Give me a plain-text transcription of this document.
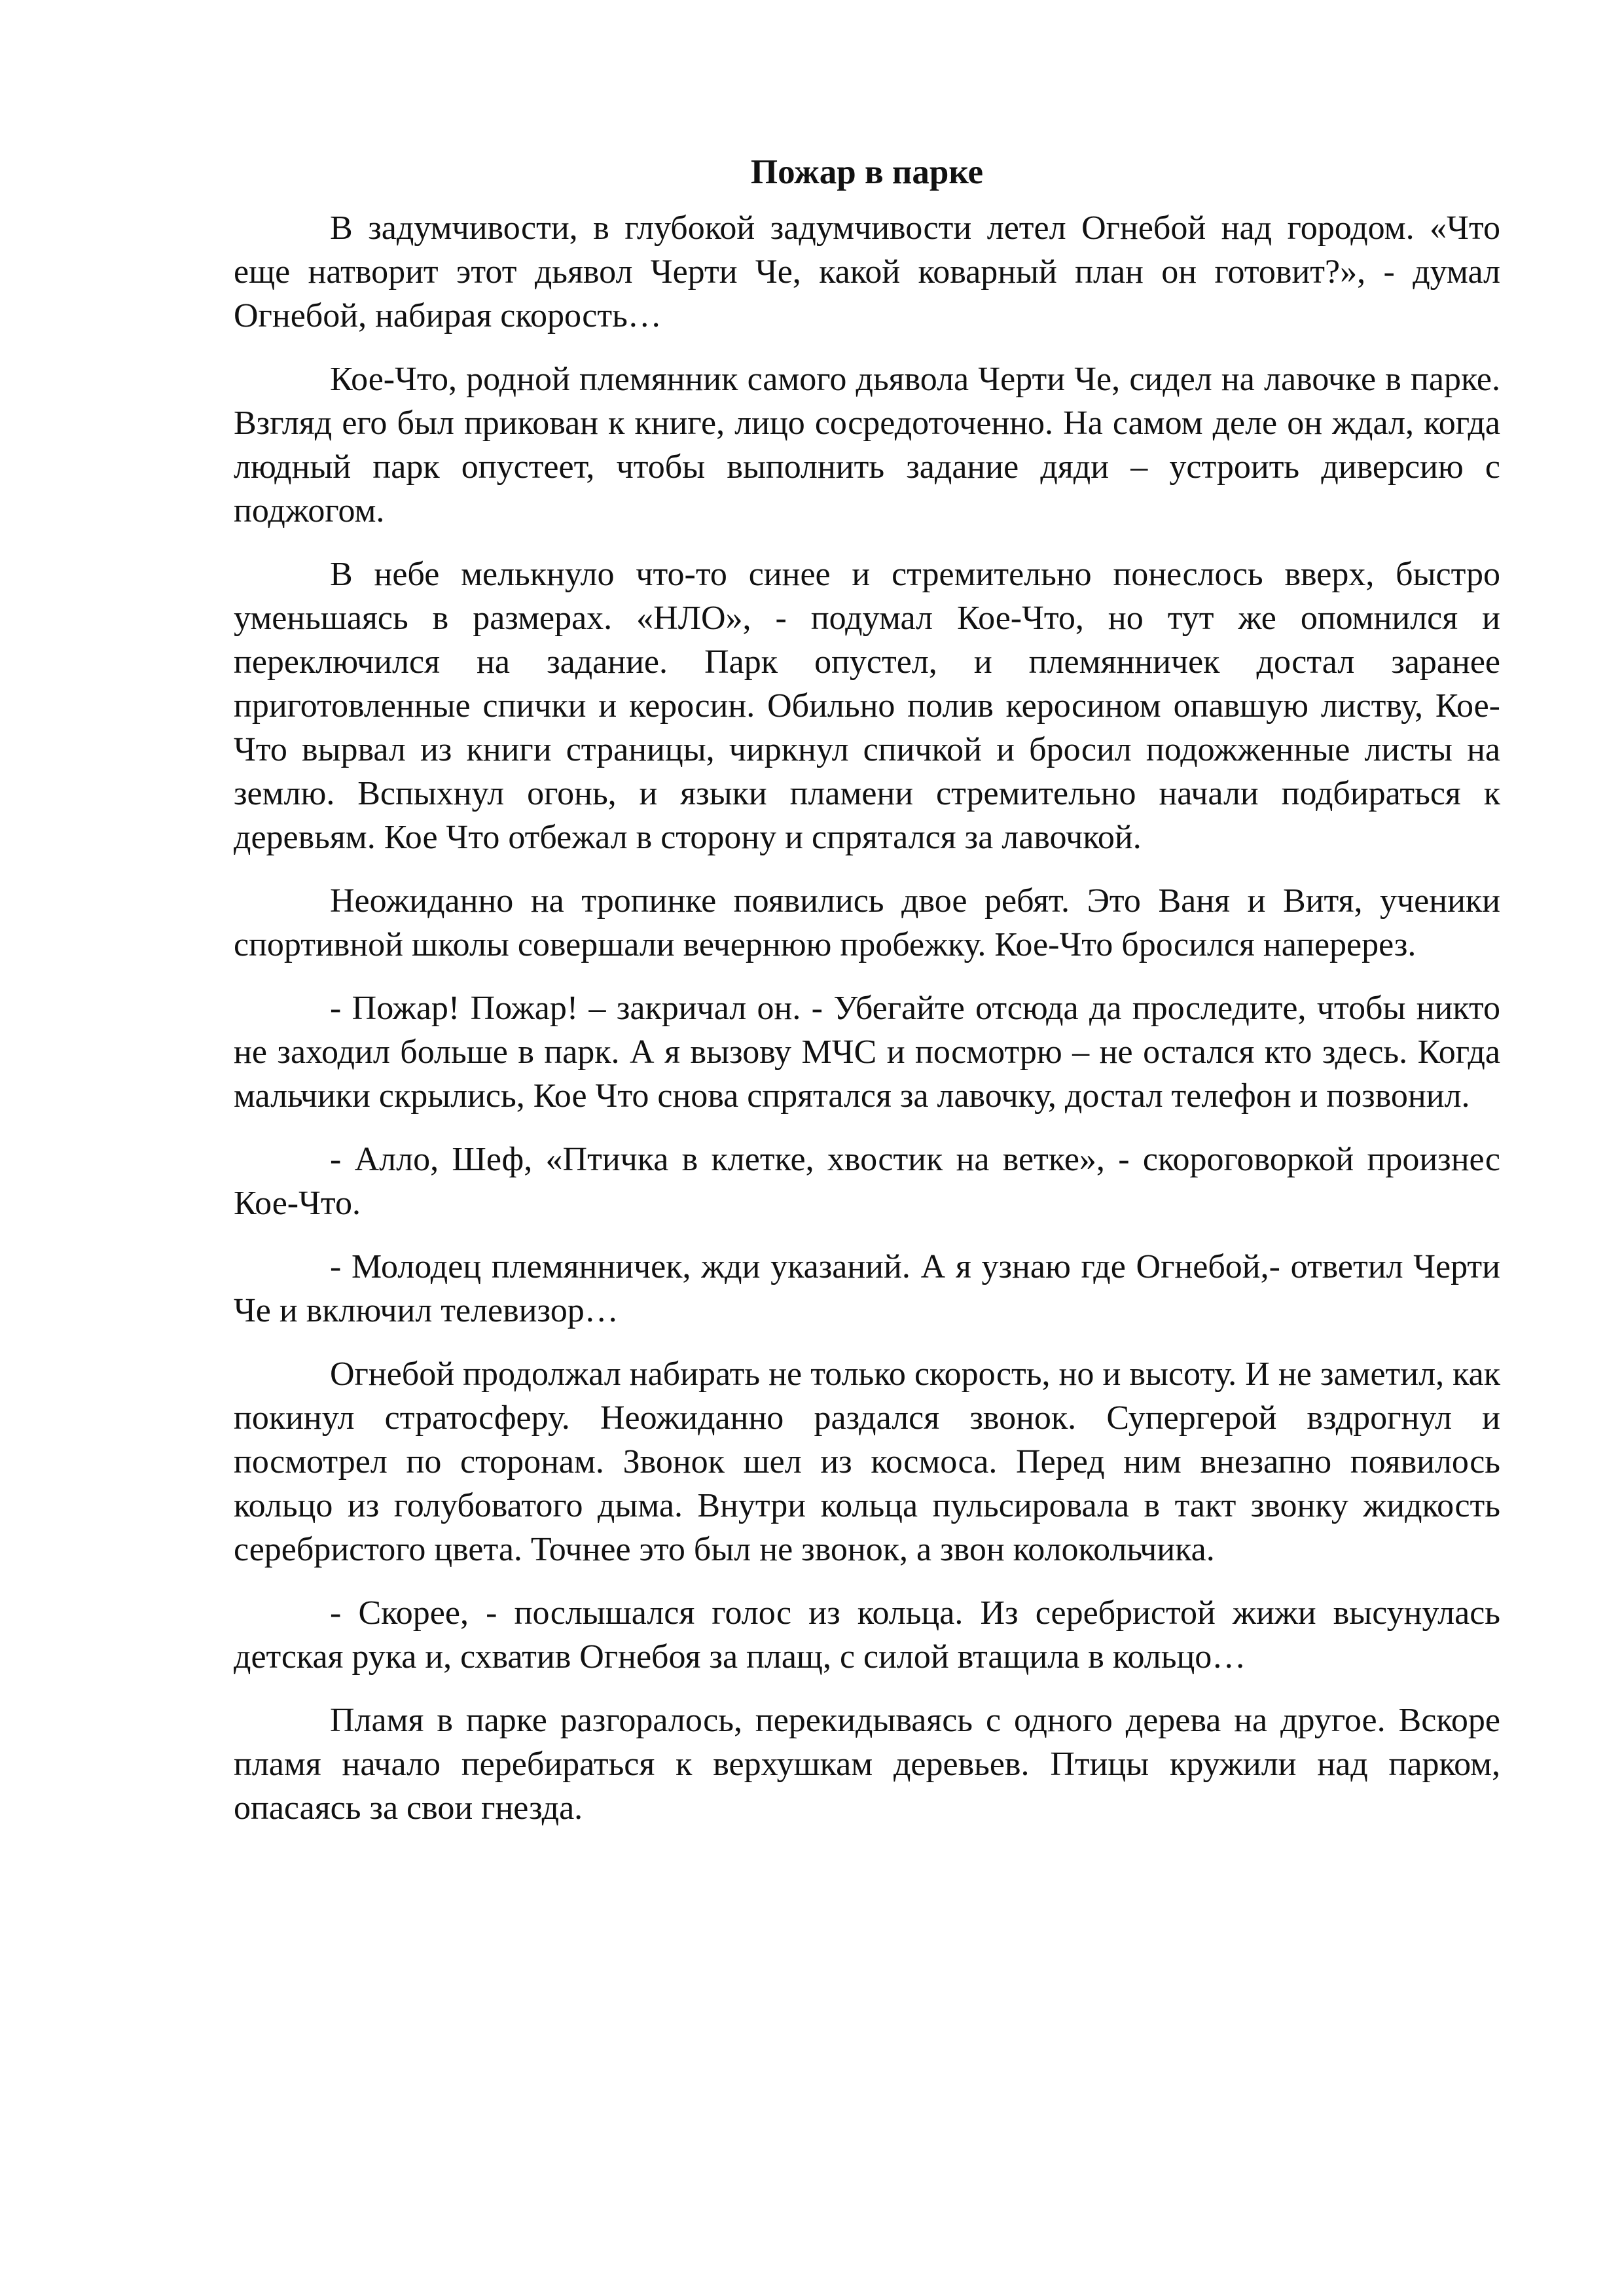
Пожар в парке

В задумчивости, в глубокой задумчивости летел Огнебой над городом. «Что еще натворит этот дьявол Черти Че, какой коварный план он готовит?», - думал Огнебой, набирая скорость…

Кое-Что, родной племянник самого дьявола Черти Че, сидел на лавочке в парке. Взгляд его был прикован к книге, лицо сосредоточенно. На самом деле он ждал, когда людный парк опустеет, чтобы выполнить задание дяди – устроить диверсию с поджогом.

В небе мелькнуло что-то синее и стремительно понеслось вверх, быстро уменьшаясь в размерах. «НЛО», - подумал Кое-Что, но тут же опомнился и переключился на задание. Парк опустел, и племянничек достал заранее приготовленные спички и керосин. Обильно полив керосином опавшую листву, Кое-Что вырвал из книги страницы, чиркнул спичкой и бросил подожженные листы на землю. Вспыхнул огонь, и языки пламени стремительно начали подбираться к деревьям. Кое Что отбежал в сторону и спрятался за лавочкой.

Неожиданно на тропинке появились двое ребят. Это Ваня и Витя, ученики спортивной школы совершали вечернюю пробежку. Кое-Что бросился наперерез.

- Пожар! Пожар! – закричал он. - Убегайте отсюда да проследите, чтобы никто не заходил больше в парк. А я вызову МЧС и посмотрю – не остался кто здесь. Когда мальчики скрылись, Кое Что снова спрятался за лавочку, достал телефон и позвонил.

- Алло, Шеф, «Птичка в клетке, хвостик на ветке», - скороговоркой произнес Кое-Что.

- Молодец племянничек, жди указаний. А я узнаю где Огнебой,- ответил Черти Че и включил телевизор…

Огнебой продолжал набирать не только скорость, но и высоту. И не заметил, как покинул стратосферу. Неожиданно раздался звонок. Супергерой вздрогнул и посмотрел по сторонам. Звонок шел из космоса. Перед ним внезапно появилось кольцо из голубоватого дыма. Внутри кольца пульсировала в такт звонку жидкость серебристого цвета. Точнее это был не звонок, а звон колокольчика.

- Скорее, - послышался голос из кольца. Из серебристой жижи высунулась детская рука и, схватив Огнебоя за плащ, с силой втащила в кольцо…

Пламя в парке разгоралось, перекидываясь с одного дерева на другое. Вскоре пламя начало перебираться к верхушкам деревьев. Птицы кружили над парком, опасаясь за свои гнезда.
